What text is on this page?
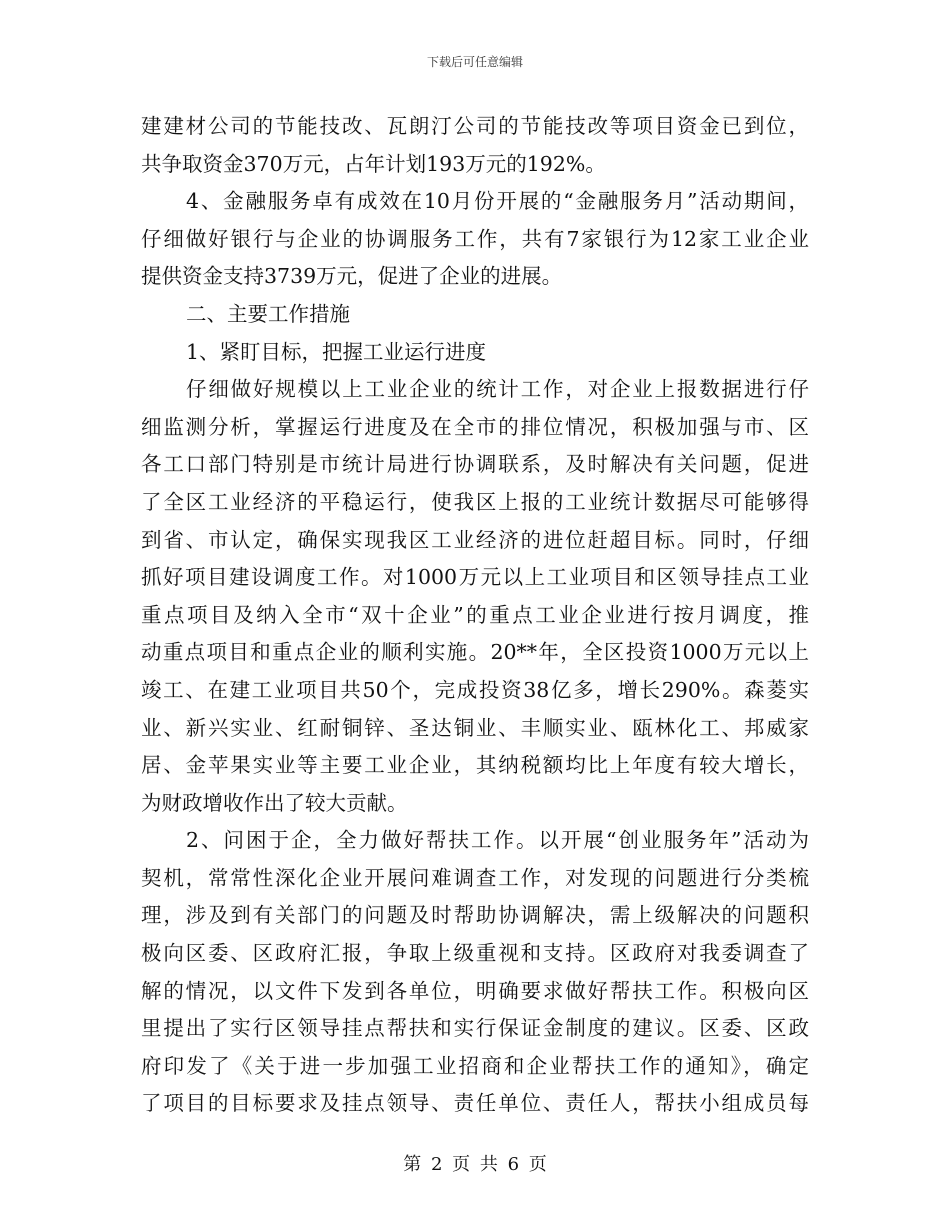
下载后可任意编辑
建建材公司的节能技改、瓦朗汀公司的节能技改等项目资金已到位，
共争取资金370万元，占年计划193万元的192%。
4、金融服务卓有成效在10月份开展的“金融服务月”活动期间，
仔细做好银行与企业的协调服务工作，共有7家银行为12家工业企业
提供资金支持3739万元，促进了企业的进展。
二、主要工作措施
1、紧盯目标，把握工业运行进度
仔细做好规模以上工业企业的统计工作，对企业上报数据进行仔
细监测分析，掌握运行进度及在全市的排位情况，积极加强与市、区
各工口部门特别是市统计局进行协调联系，及时解决有关问题，促进
了全区工业经济的平稳运行，使我区上报的工业统计数据尽可能够得
到省、市认定，确保实现我区工业经济的进位赶超目标。同时，仔细
抓好项目建设调度工作。对1000万元以上工业项目和区领导挂点工业
重点项目及纳入全市“双十企业”的重点工业企业进行按月调度，推
动重点项目和重点企业的顺利实施。20**年，全区投资1000万元以上
竣工、在建工业项目共50个，完成投资38亿多，增长290%。森菱实
业、新兴实业、红耐铜锌、圣达铜业、丰顺实业、瓯林化工、邦威家
居、金苹果实业等主要工业企业，其纳税额均比上年度有较大增长，
为财政增收作出了较大贡献。
2、问困于企，全力做好帮扶工作。以开展“创业服务年”活动为
契机，常常性深化企业开展问难调查工作，对发现的问题进行分类梳
理，涉及到有关部门的问题及时帮助协调解决，需上级解决的问题积
极向区委、区政府汇报，争取上级重视和支持。区政府对我委调查了
解的情况，以文件下发到各单位，明确要求做好帮扶工作。积极向区
里提出了实行区领导挂点帮扶和实行保证金制度的建议。区委、区政
府印发了《关于进一步加强工业招商和企业帮扶工作的通知》，确定
了项目的目标要求及挂点领导、责任单位、责任人，帮扶小组成员每
第 2 页 共 6 页
